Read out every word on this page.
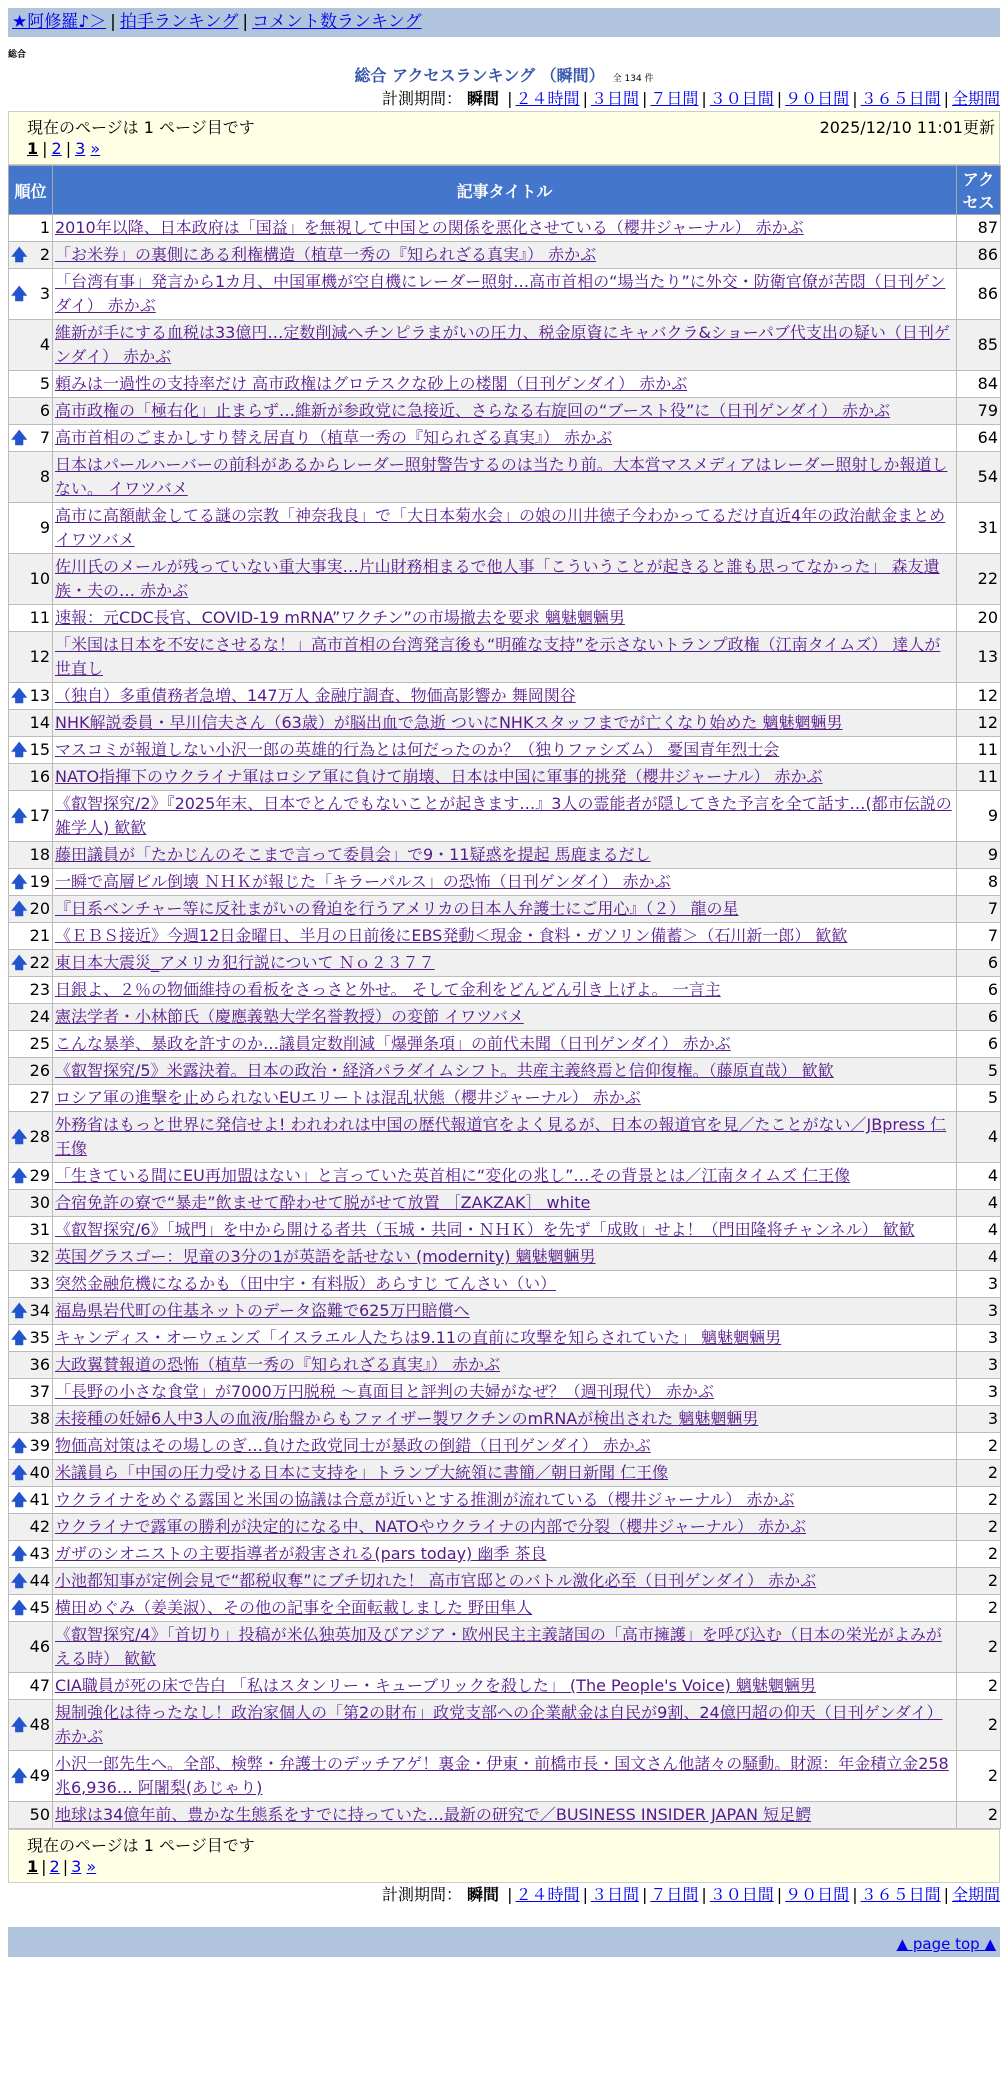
★阿修羅♪＞ | 拍手ランキング | コメント数ランキング
総合
総合 アクセスランキング （瞬間） 全 134 件
計測期間： 瞬間 | ２４時間 | ３日間 | ７日間 | ３０日間 | ９０日間 | ３６５日間 | 全期間
現在のページは 1 ページ目です	2025/12/10 11:01更新
1 | 2 | 3 »
順位	記事タイトル	アクセス
1	2010年以降、日本政府は「国益」を無視して中国との関係を悪化させている（櫻井ジャーナル） 赤かぶ	87

🡅 2	「お米券」の裏側にある利権構造（植草一秀の『知られざる真実』） 赤かぶ	86

🡅 3	「台湾有事」発言から1カ月、中国軍機が空自機にレーダー照射…高市首相の“場当たり”に外交・防衛官僚が苦悶（日刊ゲンダイ） 赤かぶ	86
4	維新が手にする血税は33億円…定数削減へチンピラまがいの圧力、税金原資にキャバクラ&ショーパブ代支出の疑い（日刊ゲンダイ） 赤かぶ	85
5	頼みは一過性の支持率だけ 高市政権はグロテスクな砂上の楼閣（日刊ゲンダイ） 赤かぶ	84
6	高市政権の「極右化」止まらず…維新が参政党に急接近、さらなる右旋回の“ブースト役”に（日刊ゲンダイ） 赤かぶ	79

🡅 7	高市首相のごまかしすり替え居直り（植草一秀の『知られざる真実』） 赤かぶ	64
8	日本はパールハーバーの前科があるからレーダー照射警告するのは当たり前。大本営マスメディアはレーダー照射しか報道しない。 イワツバメ	54
9	高市に高額献金してる謎の宗教「神奈我良」で「大日本菊水会」の娘の川井徳子今わかってるだけ直近4年の政治献金まとめ イワツバメ	31
10	佐川氏のメールが残っていない重大事実…片山財務相まるで他人事「こういうことが起きると誰も思ってなかった」 森友遺族・夫の… 赤かぶ	22
11	速報：元CDC長官、COVID-19 mRNA”ワクチン”の市場撤去を要求 魑魅魍魎男	20
12	「米国は日本を不安にさせるな！」高市首相の台湾発言後も“明確な支持”を示さないトランプ政権（江南タイムズ） 達人が世直し	13

🡅 13	（独自）多重債務者急増、147万人 金融庁調査、物価高影響か 舞岡関谷	12
14	NHK解説委員・早川信夫さん（63歳）が脳出血で急逝 ついにNHKスタッフまでが亡くなり始めた 魑魅魍魎男	12

🡅 15	マスコミが報道しない小沢一郎の英雄的行為とは何だったのか？（独りファシズム） 憂国青年烈士会	11
16	NATO指揮下のウクライナ軍はロシア軍に負けて崩壊、日本は中国に軍事的挑発（櫻井ジャーナル） 赤かぶ	11

🡅 17	《叡智探究/2》『2025年末、日本でとんでもないことが起きます…』3人の霊能者が隠してきた予言を全て話す…(都市伝説の雑学人) 歓歓	9
18	藤田議員が「たかじんのそこまで言って委員会」で9・11疑惑を提起 馬鹿まるだし	9

🡅 19	一瞬で高層ビル倒壊 ＮＨＫが報じた「キラーパルス」の恐怖（日刊ゲンダイ） 赤かぶ	8

🡅 20	『日系ベンチャー等に反社まがいの脅迫を行うアメリカの日本人弁護士にご用心』（２） 龍の星	7
21	《ＥＢＳ接近》今週12日金曜日、半月の日前後にEBS発動＜現金・食料・ガソリン備蓄＞（石川新一郎） 歓歓	7

🡅 22	東日本大震災_アメリカ犯行説について Ｎｏ２３７７	6
23	日銀よ、２％の物価維持の看板をさっさと外せ。 そして金利をどんどん引き上げよ。 一言主	6
24	憲法学者・小林節氏（慶應義塾大学名誉教授）の変節 イワツバメ	6
25	こんな暴挙、暴政を許すのか…議員定数削減「爆弾条項」の前代未聞（日刊ゲンダイ） 赤かぶ	6
26	《叡智探究/5》米露決着。日本の政治・経済パラダイムシフト。共産主義終焉と信仰復権。（藤原直哉） 歓歓	5
27	ロシア軍の進撃を止められないEUエリートは混乱状態（櫻井ジャーナル） 赤かぶ	5

🡅 28	外務省はもっと世界に発信せよ! われわれは中国の歴代報道官をよく見るが、日本の報道官を見／たことがない／JBpress 仁王像	4

🡅 29	「生きている間にEU再加盟はない」と言っていた英首相に“変化の兆し”…その背景とは／江南タイムズ 仁王像	4
30	合宿免許の寮で“暴走”飲ませて酔わせて脱がせて放置 ［ZAKZAK］ white	4
31	《叡智探究/6》「城門」を中から開ける者共（玉城・共同・ＮＨＫ）を先ず「成敗」せよ！（門田隆将チャンネル） 歓歓	4
32	英国グラスゴー：児童の3分の1が英語を話せない (modernity) 魑魅魍魎男	4
33	突然金融危機になるかも（田中宇・有料版）あらすじ てんさい（い）	3

🡅 34	福島県岩代町の住基ネットのデータ盗難で625万円賠償へ	3

🡅 35	キャンディス・オーウェンズ「イスラエル人たちは9.11の直前に攻撃を知らされていた」 魑魅魍魎男	3
36	大政翼賛報道の恐怖（植草一秀の『知られざる真実』） 赤かぶ	3
37	「長野の小さな食堂」が7000万円脱税 〜真面目と評判の夫婦がなぜ？（週刊現代） 赤かぶ	3
38	未接種の妊婦6人中3人の血液/胎盤からもファイザー製ワクチンのmRNAが検出された 魑魅魍魎男	3

🡅 39	物価高対策はその場しのぎ…負けた政党同士が暴政の倒錯（日刊ゲンダイ） 赤かぶ	2

🡅 40	米議員ら「中国の圧力受ける日本に支持を」トランプ大統領に書簡／朝日新聞 仁王像	2

🡅 41	ウクライナをめぐる露国と米国の協議は合意が近いとする推測が流れている（櫻井ジャーナル） 赤かぶ	2
42	ウクライナで露軍の勝利が決定的になる中、NATOやウクライナの内部で分裂（櫻井ジャーナル） 赤かぶ	2

🡅 43	ガザのシオニストの主要指導者が殺害される(pars today) 幽季 茶良	2

🡅 44	小池都知事が定例会見で“都税収奪”にブチ切れた！ 高市官邸とのバトル激化必至（日刊ゲンダイ） 赤かぶ	2

🡅 45	横田めぐみ（姜美淑）、その他の記事を全面転載しました 野田隼人	2
46	《叡智探究/4》「首切り」投稿が米仏独英加及びアジア・欧州民主主義諸国の「高市擁護」を呼び込む（日本の栄光がよみがえる時） 歓歓	2
47	CIA職員が死の床で告白 「私はスタンリー・キューブリックを殺した」 (The People's Voice) 魑魅魍魎男	2

🡅 48	規制強化は待ったなし！政治家個人の「第2の財布」政党支部への企業献金は自民が9割、24億円超の仰天（日刊ゲンダイ） 赤かぶ	2

🡅 49	小沢一郎先生へ。全部、検弊・弁護士のデッチアゲ！裏金・伊東・前橋市長・国文さん他諸々の騒動。財源：年金積立金258兆6,936… 阿闍梨(あじゃり)	2
50	地球は34億年前、豊かな生態系をすでに持っていた…最新の研究で／BUSINESS INSIDER JAPAN 短足鰐	2
現在のページは 1 ページ目です
1 | 2 | 3 »
計測期間： 瞬間 | ２４時間 | ３日間 | ７日間 | ３０日間 | ９０日間 | ３６５日間 | 全期間
▲ page top ▲
